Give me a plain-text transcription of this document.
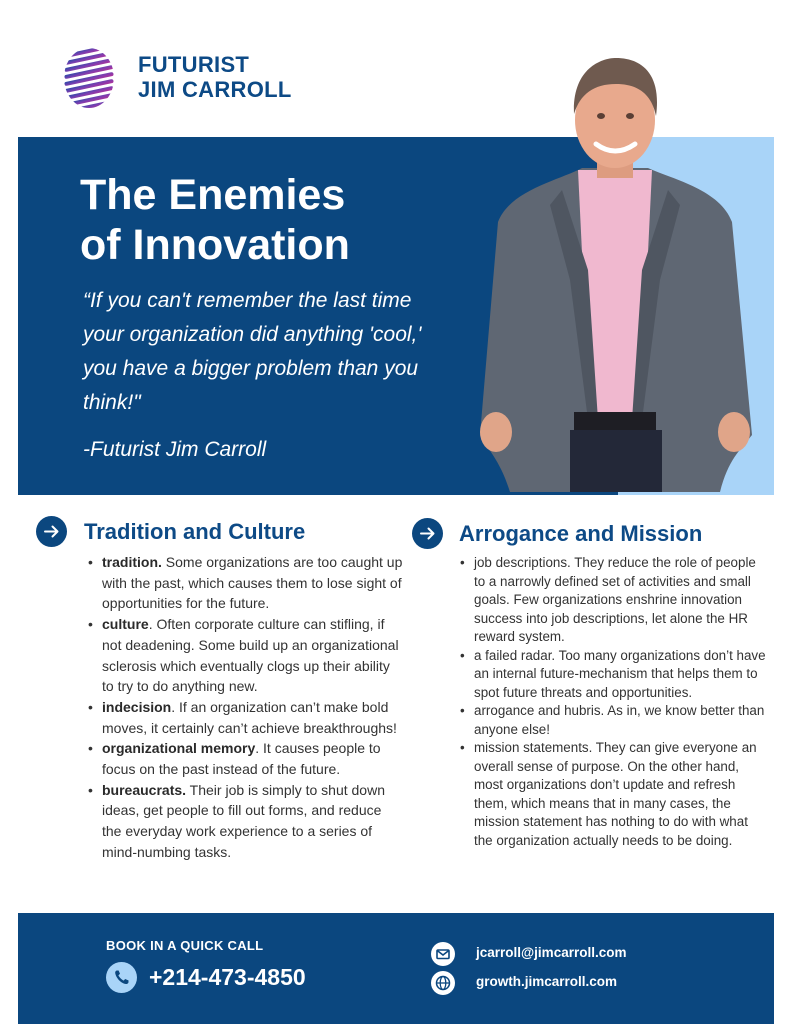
FUTURIST
JIM CARROLL
The Enemies
of Innovation

“If you can't remember the last time your organization did anything 'cool,' you have a bigger problem than you think!"

-Futurist Jim Carroll

Tradition and Culture
• tradition. Some organizations are too caught up with the past, which causes them to lose sight of opportunities for the future.
• culture. Often corporate culture can stifling, if not deadening. Some build up an organizational sclerosis which eventually clogs up their ability to try to do anything new.
• indecision. If an organization can’t make bold moves, it certainly can’t achieve breakthroughs!
• organizational memory. It causes people to focus on the past instead of the future.
• bureaucrats. Their job is simply to shut down ideas, get people to fill out forms, and reduce the everyday work experience to a series of mind-numbing tasks.
Arrogance and Mission
• job descriptions. They reduce the role of people to a narrowly defined set of activities and small goals. Few organizations enshrine innovation success into job descriptions, let alone the HR reward system.
• a failed radar. Too many organizations don’t have an internal future-mechanism that helps them to spot future threats and opportunities.
• arrogance and hubris. As in, we know better than anyone else!
• mission statements. They can give everyone an overall sense of purpose. On the other hand, most organizations don’t update and refresh them, which means that in many cases, the mission statement has nothing to do with what the organization actually needs to be doing.
BOOK IN A QUICK CALL
+214-473-4850
jcarroll@jimcarroll.com
growth.jimcarroll.com
